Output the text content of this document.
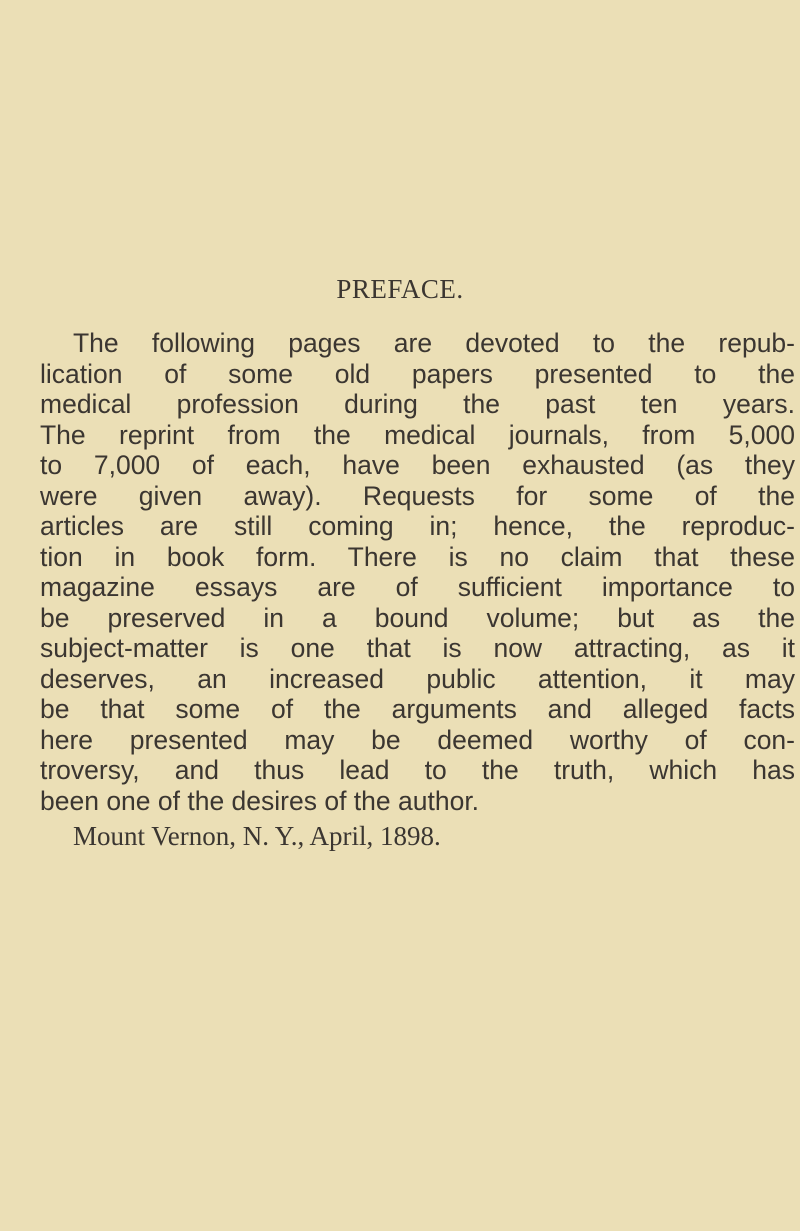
PREFACE.
The following pages are devoted to the repub-
lication of some old papers presented to the
medical profession during the past ten years.
The reprint from the medical journals, from 5,000
to 7,000 of each, have been exhausted (as they
were given away). Requests for some of the
articles are still coming in; hence, the reproduc-
tion in book form. There is no claim that these
magazine essays are of sufficient importance to
be preserved in a bound volume; but as the
subject-matter is one that is now attracting, as it
deserves, an increased public attention, it may
be that some of the arguments and alleged facts
here presented may be deemed worthy of con-
troversy, and thus lead to the truth, which has
been one of the desires of the author.
Mount Vernon, N. Y., April, 1898.
